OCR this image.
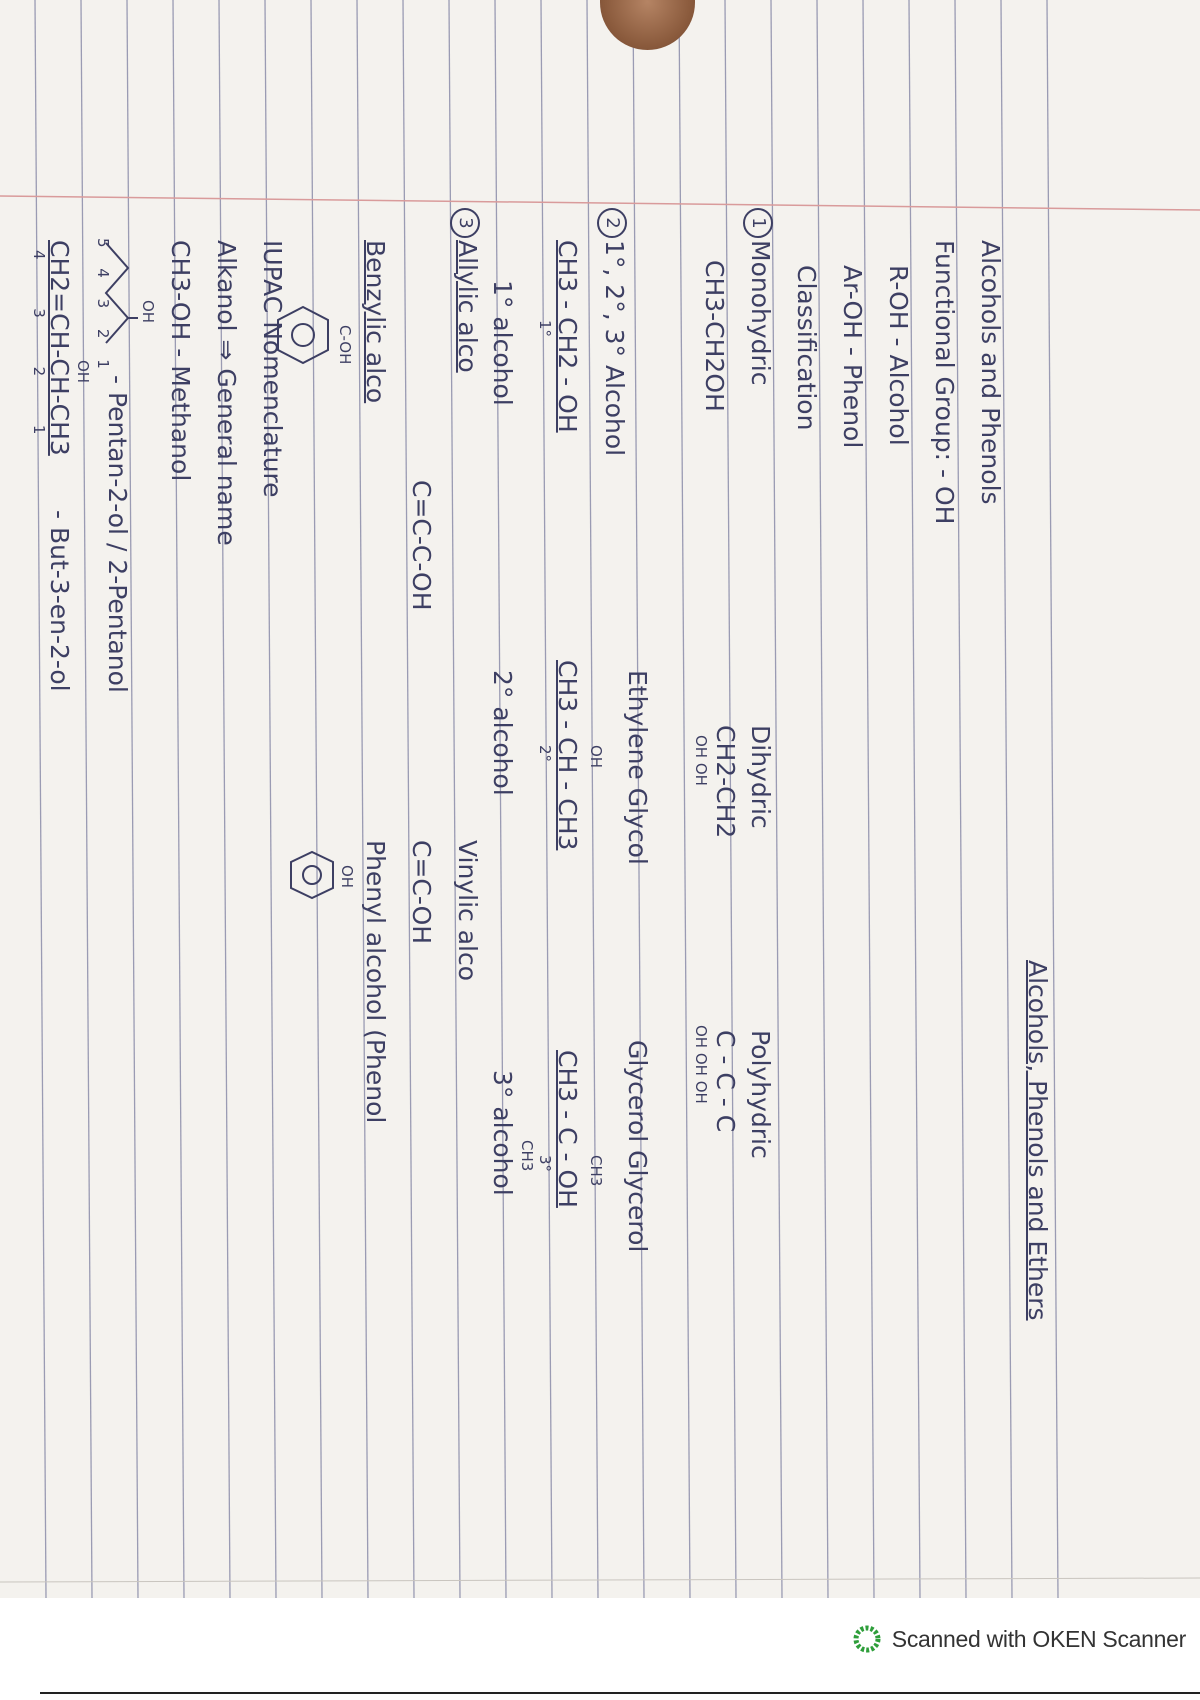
Alcohols, Phenols and Ethers
Alcohols and Phenols
Functional Group: - OH
R-OH - Alcohol
Ar-OH - Phenol
Classification
1
Monohydric
CH3-CH2OH
Dihydric
CH2-CH2
OH OH
Ethylene Glycol
Polyhydric
C - C - C
OH OH OH
Glycerol Glycerol
2
1°, 2°, 3° Alcohol
CH3 - CH2 - OH
1°
1° alcohol
OH
CH3 - CH - CH3
2°
2° alcohol
CH3
CH3 - C - OH
3°
CH3
3° alcohol
3
Allylic alco
C=C-C-OH
Vinylic alco
C=C-OH
Benzylic alco
C-OH
Phenyl alcohol (Phenol
OH
IUPAC Nomenclature
Alkanol ⇒ General name
CH3-OH - Methanol
OH
5 4 3 2 1
- Pentan-2-ol / 2-Pentanol
OH
CH2=CH-CH-CH3
4 3 2 1
- But-3-en-2-ol
Scanned with OKEN Scanner
